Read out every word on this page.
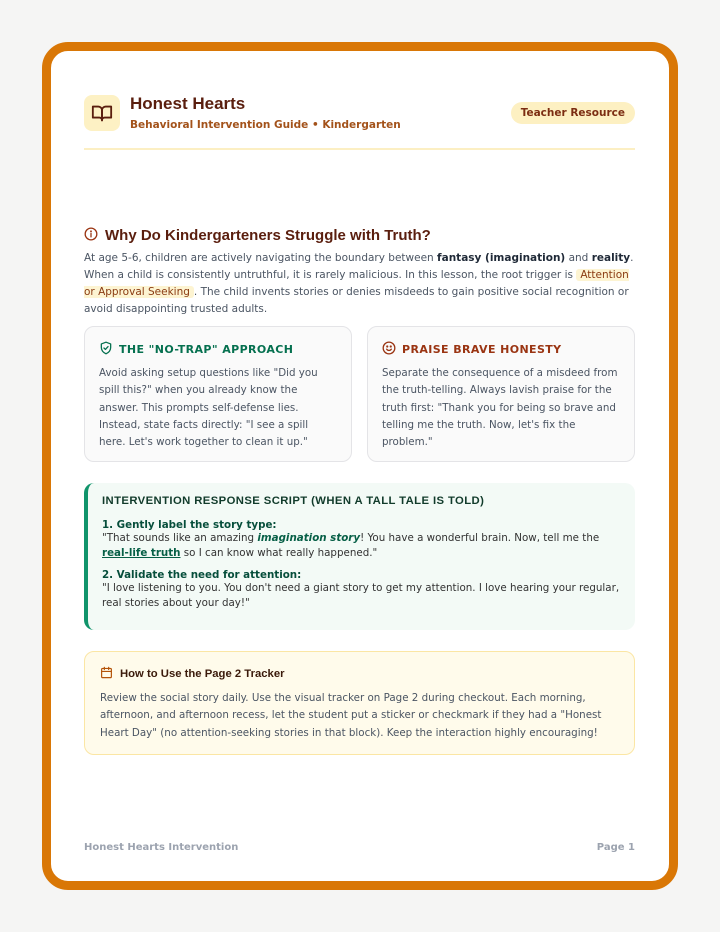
Honest Hearts
Behavioral Intervention Guide • Kindergarten
Teacher Resource
Why Do Kindergarteners Struggle with Truth?
At age 5-6, children are actively navigating the boundary between fantasy (imagination) and reality. When a child is consistently untruthful, it is rarely malicious. In this lesson, the root trigger is Attention or Approval Seeking . The child invents stories or denies misdeeds to gain positive social recognition or avoid disappointing trusted adults.
THE "NO-TRAP" APPROACH

Avoid asking setup questions like "Did you spill this?" when you already know the answer. This prompts self-defense lies. Instead, state facts directly: "I see a spill here. Let's work together to clean it up."

PRAISE BRAVE HONESTY

Separate the consequence of a misdeed from the truth-telling. Always lavish praise for the truth first: "Thank you for being so brave and telling me the truth. Now, let's fix the problem."

INTERVENTION RESPONSE SCRIPT (WHEN A TALL TALE IS TOLD)
1. Gently label the story type:
"That sounds like an amazing imagination story! You have a wonderful brain. Now, tell me the real-life truth so I can know what really happened."
2. Validate the need for attention:
"I love listening to you. You don't need a giant story to get my attention. I love hearing your regular, real stories about your day!"
How to Use the Page 2 Tracker

Review the social story daily. Use the visual tracker on Page 2 during checkout. Each morning, afternoon, and afternoon recess, let the student put a sticker or checkmark if they had a "Honest Heart Day" (no attention-seeking stories in that block). Keep the interaction highly encouraging!

Honest Hearts Intervention	Page 1
